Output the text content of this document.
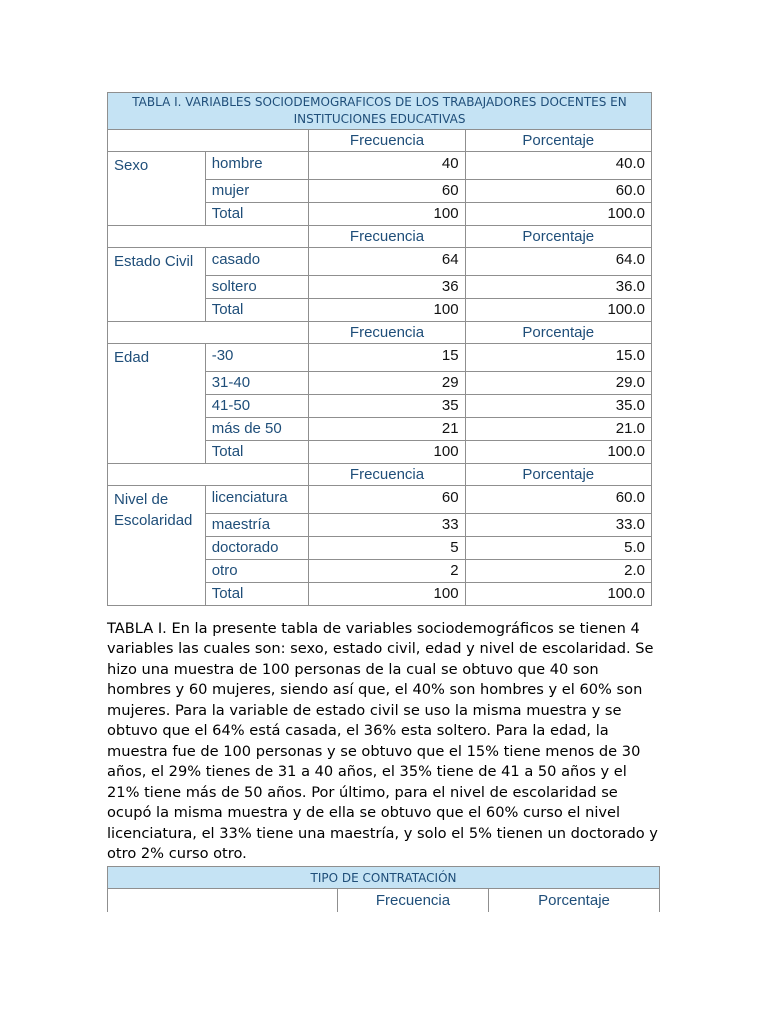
TABLA I. VARIABLES SOCIODEMOGRAFICOS DE LOS TRABAJADORES DOCENTES EN INSTITUCIONES EDUCATIVAS			
		Frecuencia	Porcentaje
Sexo	hombre	40	40.0
	mujer	60	60.0
	Total	100	100.0
		Frecuencia	Porcentaje
Estado Civil	casado	64	64.0
	soltero	36	36.0
	Total	100	100.0
		Frecuencia	Porcentaje
Edad	-30	15	15.0
	31-40	29	29.0
	41-50	35	35.0
	más de 50	21	21.0
	Total	100	100.0
		Frecuencia	Porcentaje
Nivel de Escolaridad	licenciatura	60	60.0
	maestría	33	33.0
	doctorado	5	5.0
	otro	2	2.0
	Total	100	100.0

TABLA I. En la presente tabla de variables sociodemográficos se tienen 4 variables las cuales son: sexo, estado civil, edad y nivel de escolaridad. Se hizo una muestra de 100 personas de la cual se obtuvo que 40 son hombres y 60 mujeres, siendo así que, el 40% son hombres y el 60% son mujeres. Para la variable de estado civil se uso la misma muestra y se obtuvo que el 64% está casada, el 36% esta soltero. Para la edad, la muestra fue de 100 personas y se obtuvo que el 15% tiene menos de 30 años, el 29% tienes de 31 a 40 años, el 35% tiene de 41 a 50 años y el 21% tiene más de 50 años. Por último, para el nivel de escolaridad se ocupó la misma muestra y de ella se obtuvo que el 60% curso el nivel licenciatura, el 33% tiene una maestría, y solo el 5% tienen un doctorado y otro 2% curso otro.

TIPO DE CONTRATACIÓN
	Frecuencia	Porcentaje
